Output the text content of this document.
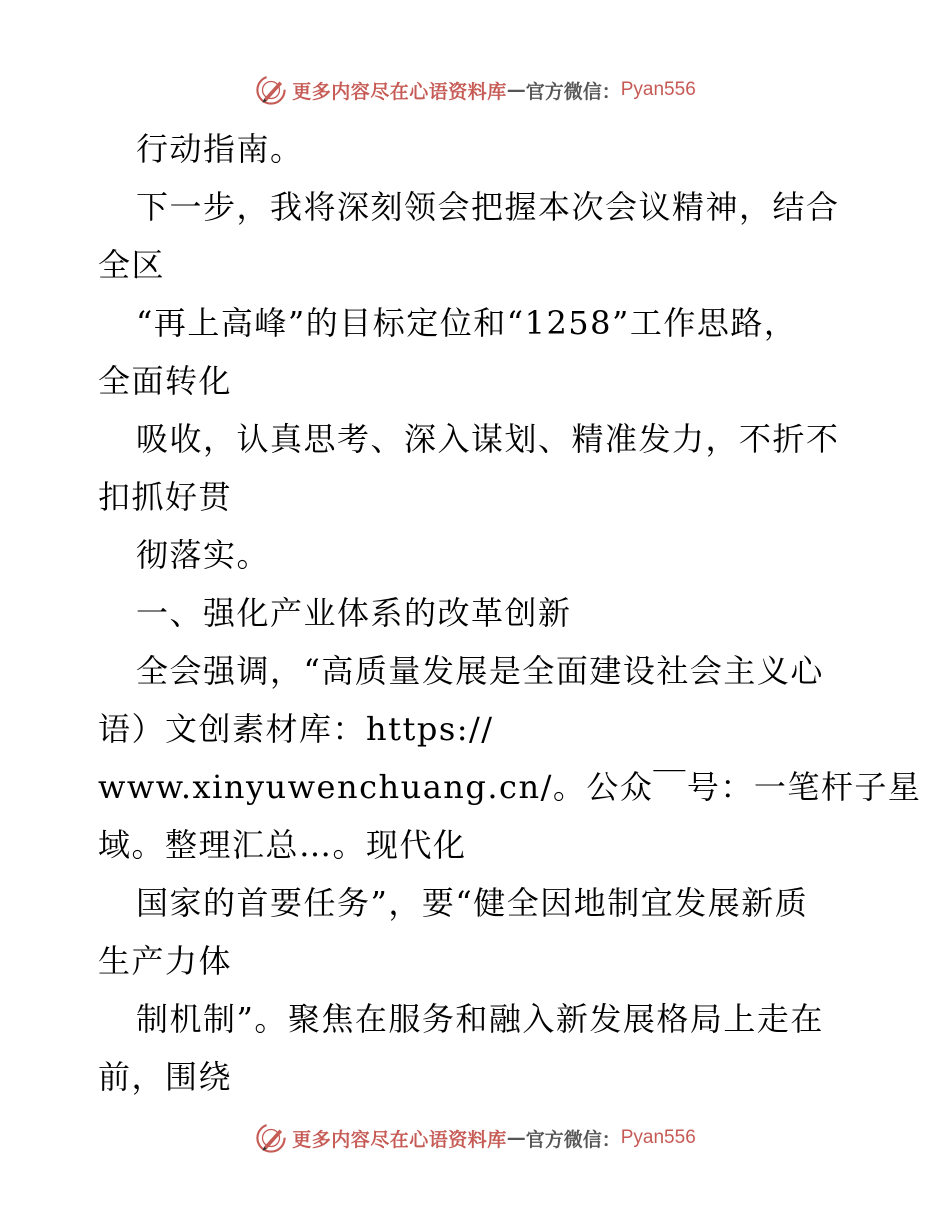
更多内容尽在心语资料库 — 官方微信： Pyan556
行动指南。
下一步，我将深刻领会把握本次会议精神，结合
全区
“再上高峰”的目标定位和“1258”工作思路，
全面转化
吸收，认真思考、深入谋划、精准发力，不折不
扣抓好贯
彻落实。
一、强化产业体系的改革创新
全会强调，“高质量发展是全面建设社会主义心
语）文创素材库：https://
www.xinyuwenchuang.cn/。公众￣号：一笔杆子星
域。整理汇总…。现代化
国家的首要任务”，要“健全因地制宜发展新质
生产力体
制机制”。聚焦在服务和融入新发展格局上走在
前，围绕
更多内容尽在心语资料库 — 官方微信： Pyan556
